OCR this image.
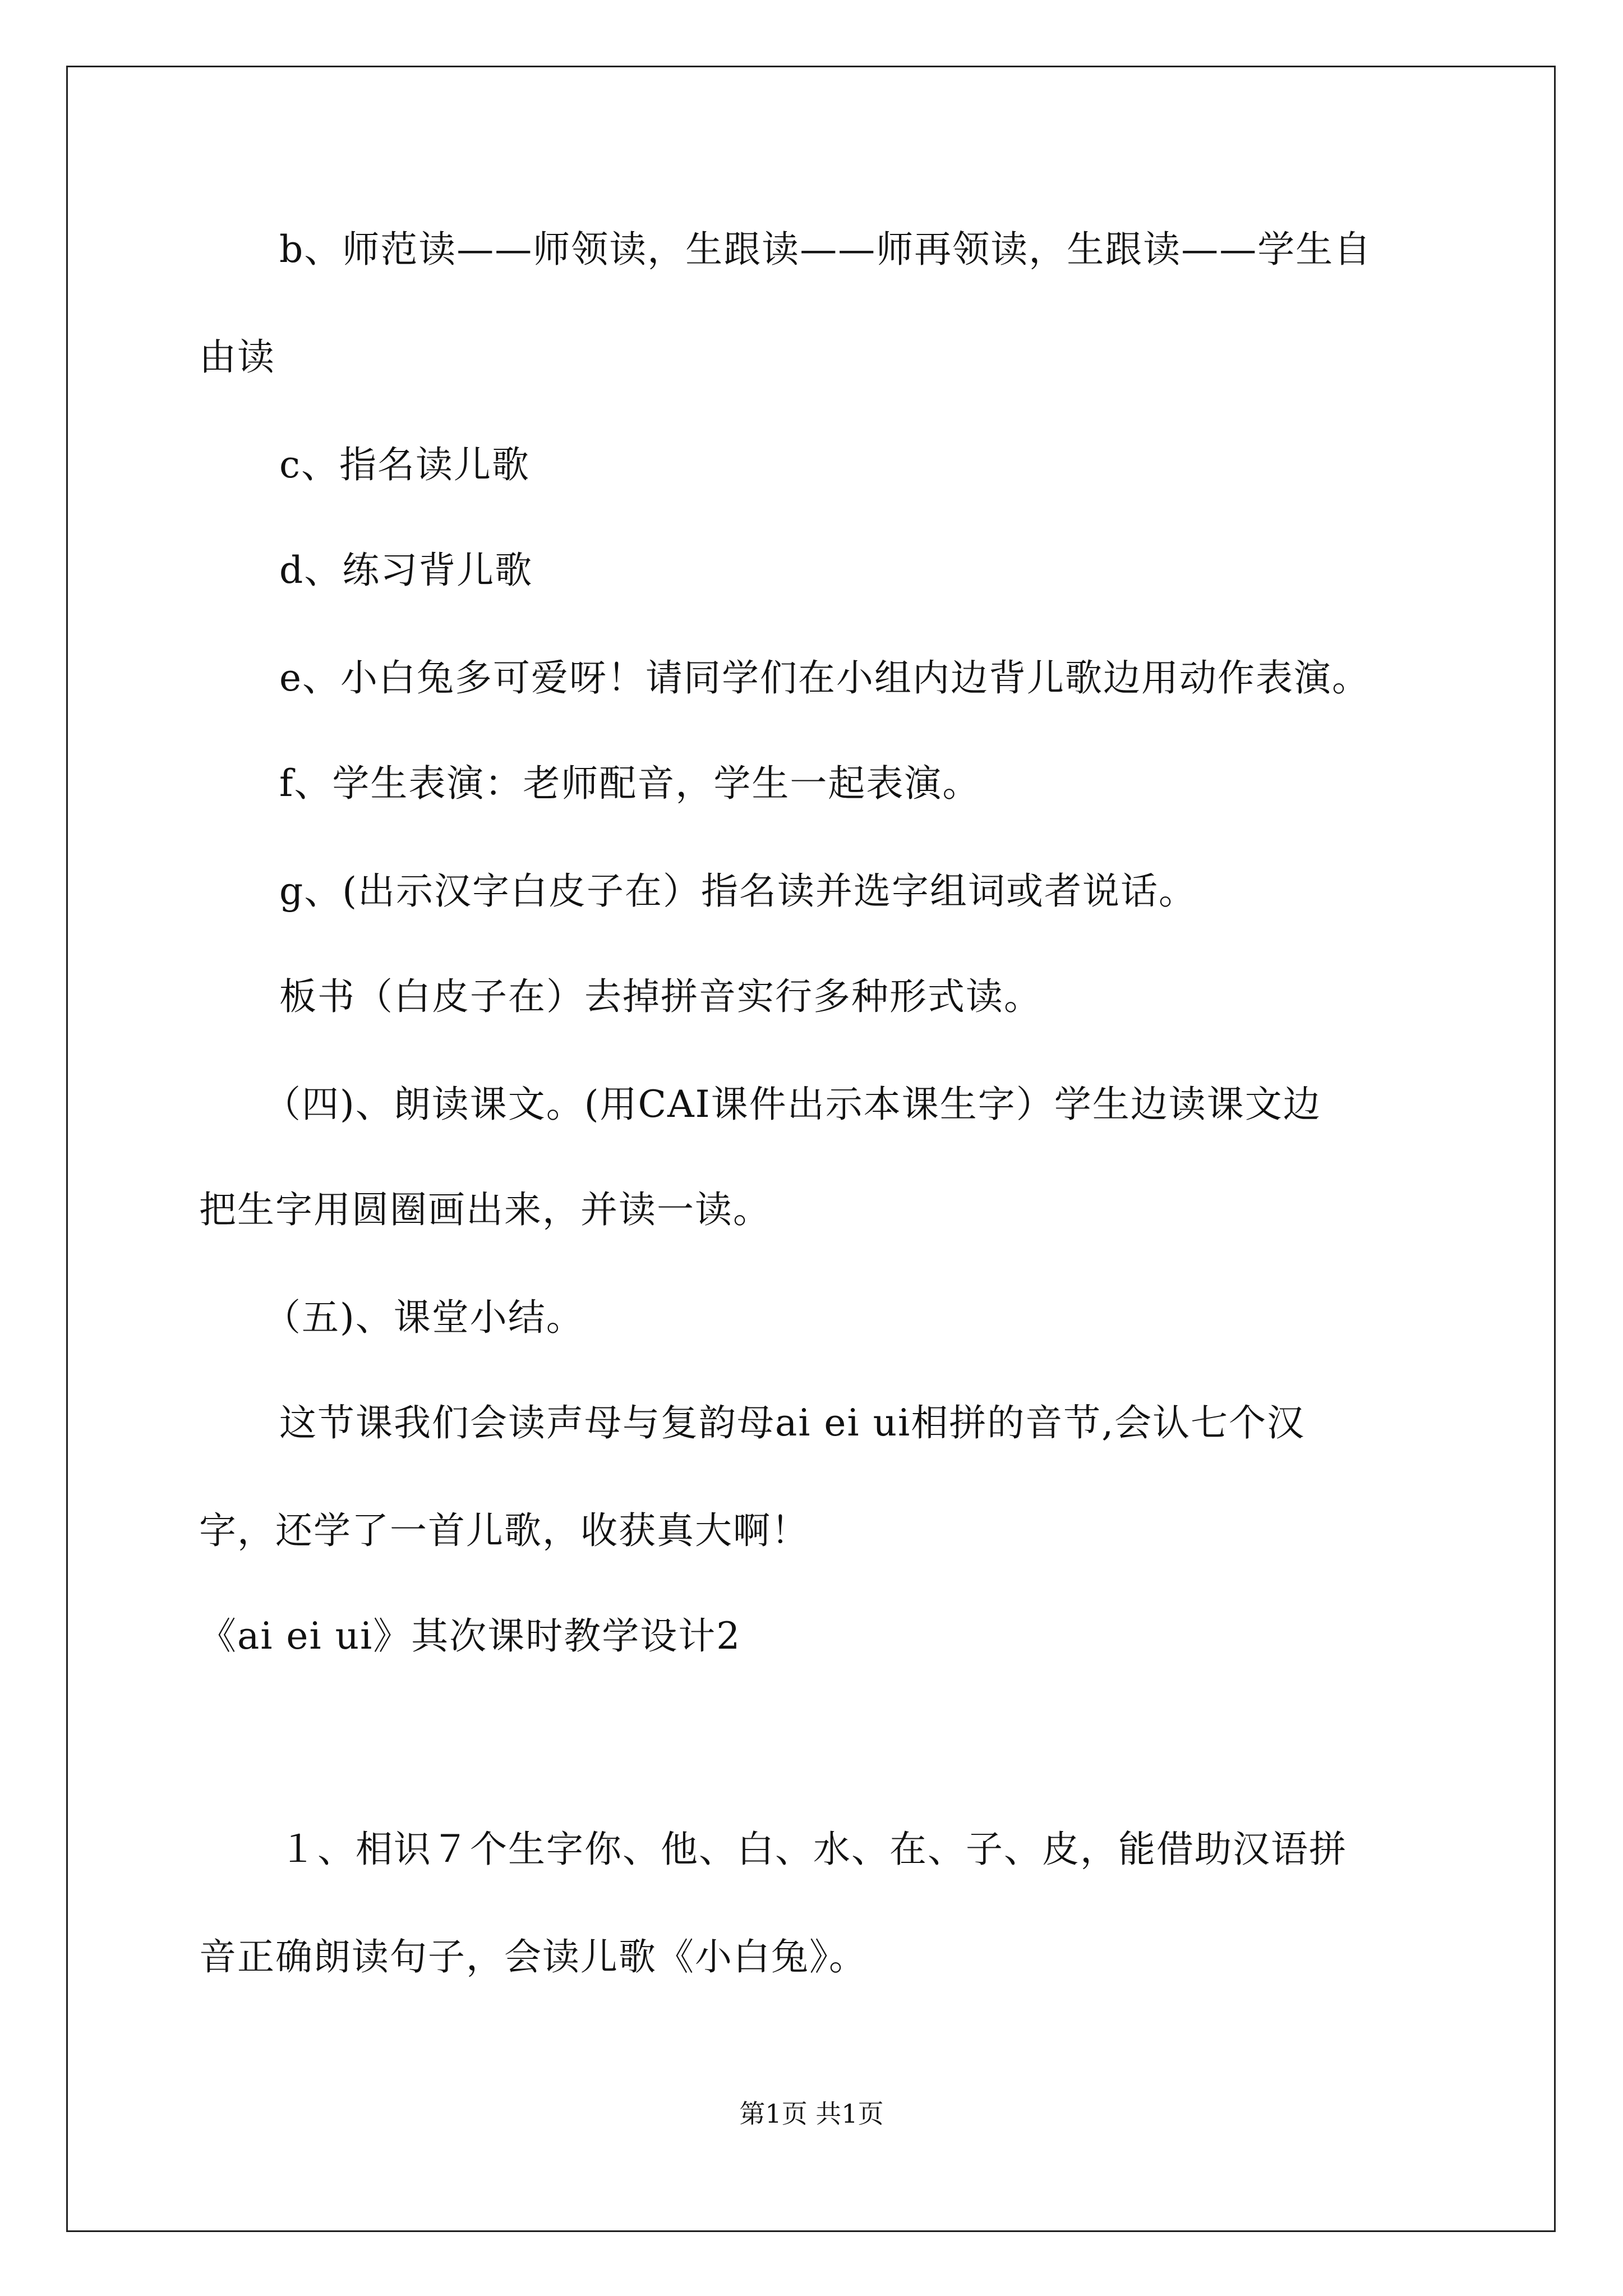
b、师范读——师领读，生跟读——师再领读，生跟读——学生自
由读
c、指名读儿歌
d、练习背儿歌
e、小白兔多可爱呀！请同学们在小组内边背儿歌边用动作表演。
f、学生表演：老师配音，学生一起表演。
g、(出示汉字白皮子在）指名读并选字组词或者说话。
板书（白皮子在）去掉拼音实行多种形式读。
（四)、朗读课文。(用CAI课件出示本课生字）学生边读课文边
把生字用圆圈画出来，并读一读。
（五)、课堂小结。
这节课我们会读声母与复韵母ai ei ui相拼的音节,会认七个汉
字，还学了一首儿歌，收获真大啊！
《ai ei ui》其次课时教学设计2
１、相识７个生字你、他、白、水、在、子、皮，能借助汉语拼
音正确朗读句子，会读儿歌《小白兔》。
第1页 共1页
